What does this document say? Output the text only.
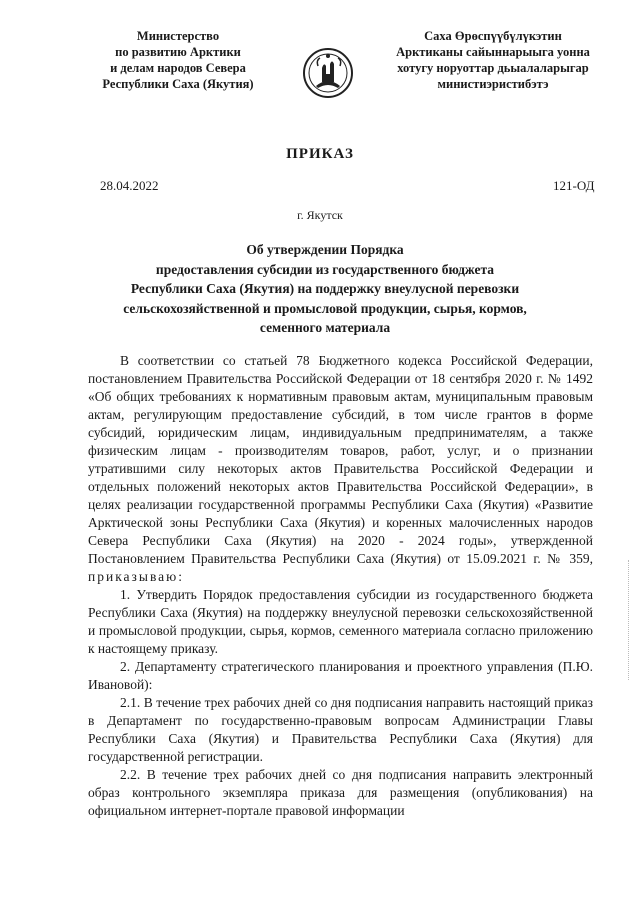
Министерство
по развитию Арктики
и делам народов Севера
Республики Саха (Якутия)
Саха Өрөспүүбүлүкэтин
Арктиканы сайыннарыыга уонна
хотугу норуоттар дьыалаларыгар
министиэристибэтэ
ПРИКАЗ
28.04.2022	121-ОД
г. Якутск
Об утверждении Порядка
предоставления субсидии из государственного бюджета
Республики Саха (Якутия) на поддержку внеулусной перевозки
сельскохозяйственной и промысловой продукции, сырья, кормов,
семенного материала

В соответствии со статьей 78 Бюджетного кодекса Российской Федерации, постановлением Правительства Российской Федерации от 18 сентября 2020 г. № 1492 «Об общих требованиях к нормативным правовым актам, муниципальным правовым актам, регулирующим предоставление субсидий, в том числе грантов в форме субсидий, юридическим лицам, индивидуальным предпринимателям, а также физическим лицам - производителям товаров, работ, услуг, и о признании утратившими силу некоторых актов Правительства Российской Федерации и отдельных положений некоторых актов Правительства Российской Федерации», в целях реализации государственной программы Республики Саха (Якутия) «Развитие Арктической зоны Республики Саха (Якутия) и коренных малочисленных народов Севера Республики Саха (Якутия) на 2020 - 2024 годы», утвержденной Постановлением Правительства Республики Саха (Якутия) от 15.09.2021 г. № 359, приказываю:

1. Утвердить Порядок предоставления субсидии из государственного бюджета Республики Саха (Якутия) на поддержку внеулусной перевозки сельскохозяйственной и промысловой продукции, сырья, кормов, семенного материала согласно приложению к настоящему приказу.

2. Департаменту стратегического планирования и проектного управления (П.Ю. Ивановой):

2.1. В течение трех рабочих дней со дня подписания направить настоящий приказ в Департамент по государственно-правовым вопросам Администрации Главы Республики Саха (Якутия) и Правительства Республики Саха (Якутия) для государственной регистрации.

2.2. В течение трех рабочих дней со дня подписания направить электронный образ контрольного экземпляра приказа для размещения (опубликования) на официальном интернет-портале правовой информации
